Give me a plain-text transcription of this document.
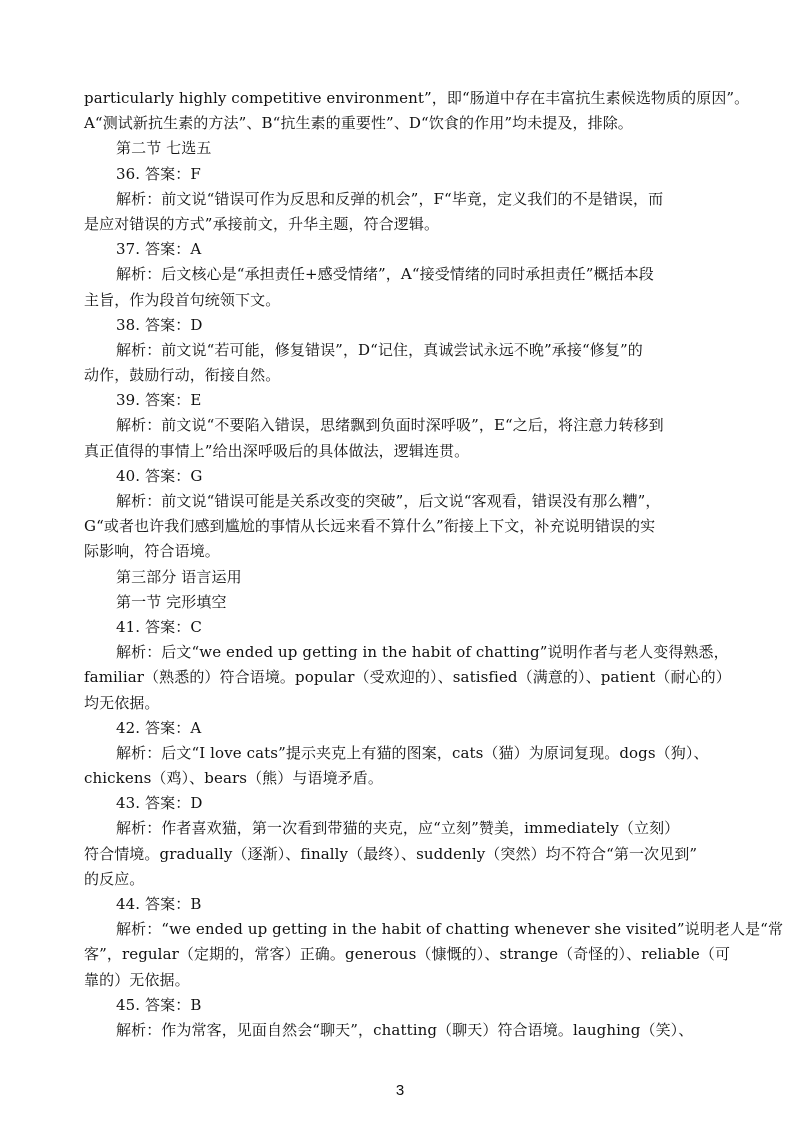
particularly highly competitive environment”，即“肠道中存在丰富抗生素候选物质的原因”。
A“测试新抗生素的方法”、B“抗生素的重要性”、D“饮食的作用”均未提及，排除。
第二节 七选五
36. 答案：F
解析：前文说“错误可作为反思和反弹的机会”，F“毕竟，定义我们的不是错误，而
是应对错误的方式”承接前文，升华主题，符合逻辑。
37. 答案：A
解析：后文核心是“承担责任+感受情绪”，A“接受情绪的同时承担责任”概括本段
主旨，作为段首句统领下文。
38. 答案：D
解析：前文说“若可能，修复错误”，D“记住，真诚尝试永远不晚”承接“修复”的
动作，鼓励行动，衔接自然。
39. 答案：E
解析：前文说“不要陷入错误，思绪飘到负面时深呼吸”，E“之后，将注意力转移到
真正值得的事情上”给出深呼吸后的具体做法，逻辑连贯。
40. 答案：G
解析：前文说“错误可能是关系改变的突破”，后文说“客观看，错误没有那么糟”，
G“或者也许我们感到尴尬的事情从长远来看不算什么”衔接上下文，补充说明错误的实
际影响，符合语境。
第三部分 语言运用
第一节 完形填空
41. 答案：C
解析：后文“we ended up getting in the habit of chatting”说明作者与老人变得熟悉，
familiar（熟悉的）符合语境。popular（受欢迎的）、satisfied（满意的）、patient（耐心的）
均无依据。
42. 答案：A
解析：后文“I love cats”提示夹克上有猫的图案，cats（猫）为原词复现。dogs（狗）、
chickens（鸡）、bears（熊）与语境矛盾。
43. 答案：D
解析：作者喜欢猫，第一次看到带猫的夹克，应“立刻”赞美，immediately（立刻）
符合情境。gradually（逐渐）、finally（最终）、suddenly（突然）均不符合“第一次见到”
的反应。
44. 答案：B
解析：“we ended up getting in the habit of chatting whenever she visited”说明老人是“常
客”，regular（定期的，常客）正确。generous（慷慨的）、strange（奇怪的）、reliable（可
靠的）无依据。
45. 答案：B
解析：作为常客，见面自然会“聊天”，chatting（聊天）符合语境。laughing（笑）、
3
